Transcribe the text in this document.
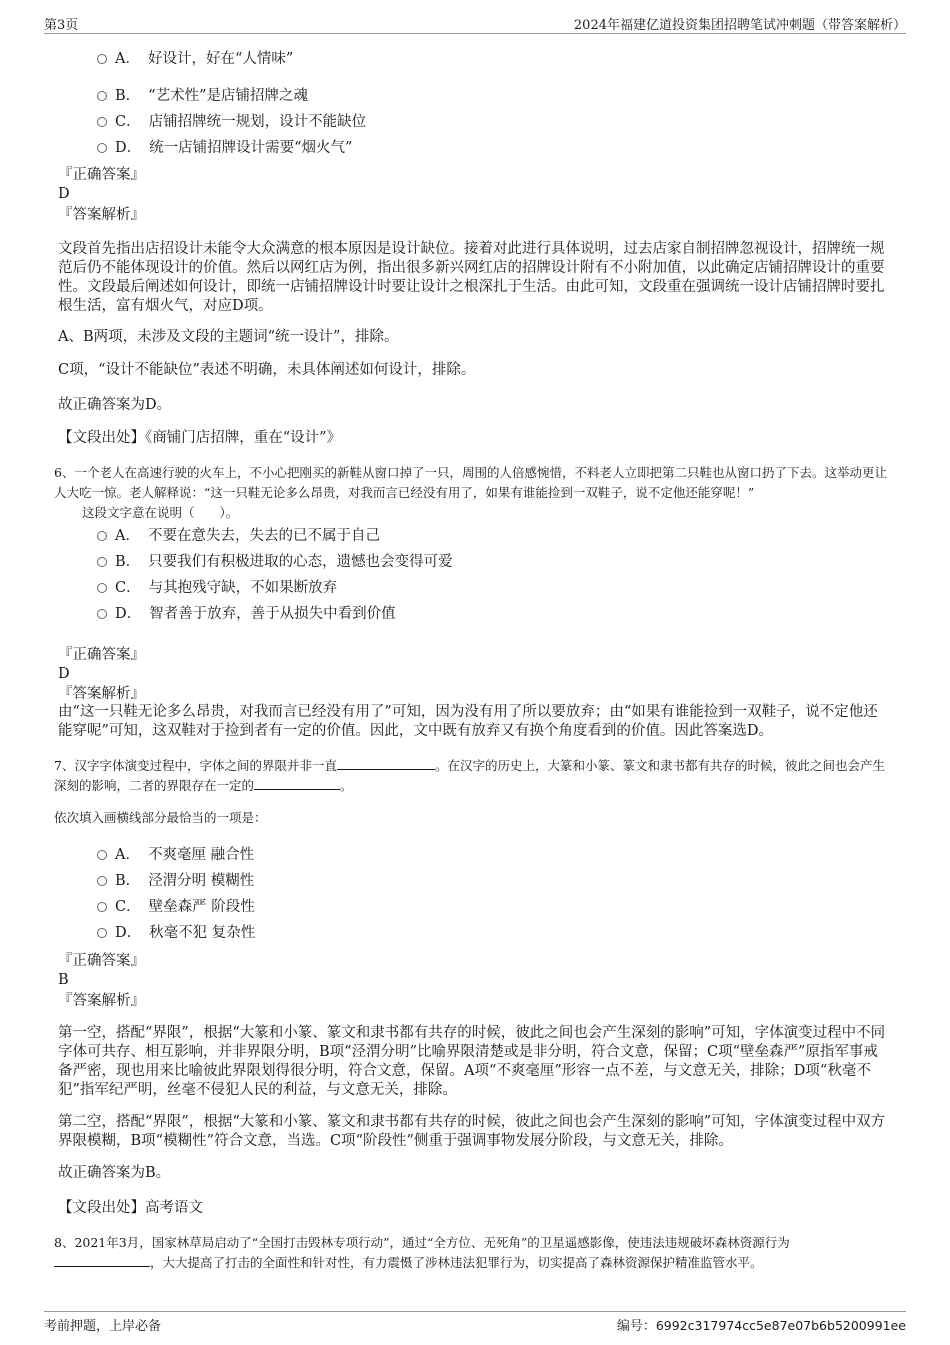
第3页	2024年福建亿道投资集团招聘笔试冲刺题（带答案解析）
A． 好设计，好在“人情味”
B． “艺术性”是店铺招牌之魂
C． 店铺招牌统一规划，设计不能缺位
D． 统一店铺招牌设计需要“烟火气”
『正确答案』
D
『答案解析』
文段首先指出店招设计未能令大众满意的根本原因是设计缺位。接着对此进行具体说明，过去店家自制招牌忽视设计，招牌统一规范后仍不能体现设计的价值。然后以网红店为例，指出很多新兴网红店的招牌设计附有不小附加值，以此确定店铺招牌设计的重要性。文段最后阐述如何设计，即统一店铺招牌设计时要让设计之根深扎于生活。由此可知，文段重在强调统一设计店铺招牌时要扎根生活，富有烟火气，对应D项。
A、B两项，未涉及文段的主题词“统一设计”，排除。
C项，“设计不能缺位”表述不明确，未具体阐述如何设计，排除。
故正确答案为D。
【文段出处】《商铺门店招牌，重在“设计”》
6、一个老人在高速行驶的火车上，不小心把刚买的新鞋从窗口掉了一只，周围的人倍感惋惜，不料老人立即把第二只鞋也从窗口扔了下去。这举动更让人大吃一惊。老人解释说：“这一只鞋无论多么昂贵，对我而言已经没有用了，如果有谁能捡到一双鞋子，说不定他还能穿呢！”
这段文字意在说明（　　）。
A． 不要在意失去，失去的已不属于自己
B． 只要我们有积极进取的心态，遗憾也会变得可爱
C． 与其抱残守缺，不如果断放弃
D． 智者善于放弃，善于从损失中看到价值
『正确答案』
D
『答案解析』
由“这一只鞋无论多么昂贵，对我而言已经没有用了”可知，因为没有用了所以要放弃；由“如果有谁能捡到一双鞋子，说不定他还能穿呢”可知，这双鞋对于捡到者有一定的价值。因此，文中既有放弃又有换个角度看到的价值。因此答案选D。
7、汉字字体演变过程中，字体之间的界限并非一直	。在汉字的历史上，大篆和小篆、篆文和隶书都有共存的时候，彼此之间也会产生深刻的影响，二者的界限存在一定的	。
依次填入画横线部分最恰当的一项是：
A． 不爽毫厘 融合性
B． 泾渭分明 模糊性
C． 壁垒森严 阶段性
D． 秋毫不犯 复杂性
『正确答案』
B
『答案解析』
第一空，搭配“界限”，根据“大篆和小篆、篆文和隶书都有共存的时候，彼此之间也会产生深刻的影响”可知，字体演变过程中不同字体可共存、相互影响，并非界限分明，B项“泾渭分明”比喻界限清楚或是非分明，符合文意，保留；C项“壁垒森严”原指军事戒备严密，现也用来比喻彼此界限划得很分明，符合文意，保留。A项“不爽毫厘”形容一点不差，与文意无关，排除；D项“秋毫不犯”指军纪严明，丝毫不侵犯人民的利益，与文意无关，排除。
第二空，搭配“界限”，根据“大篆和小篆、篆文和隶书都有共存的时候，彼此之间也会产生深刻的影响”可知，字体演变过程中双方界限模糊，B项“模糊性”符合文意，当选。C项“阶段性”侧重于强调事物发展分阶段，与文意无关，排除。
故正确答案为B。
【文段出处】高考语文
8、2021年3月，国家林草局启动了“全国打击毁林专项行动”，通过“全方位、无死角”的卫星遥感影像，使违法违规破坏森林资源行为
，大大提高了打击的全面性和针对性，有力震慑了涉林违法犯罪行为，切实提高了森林资源保护精准监管水平。
考前押题，上岸必备	编号：6992c317974cc5e87e07b6b5200991ee
